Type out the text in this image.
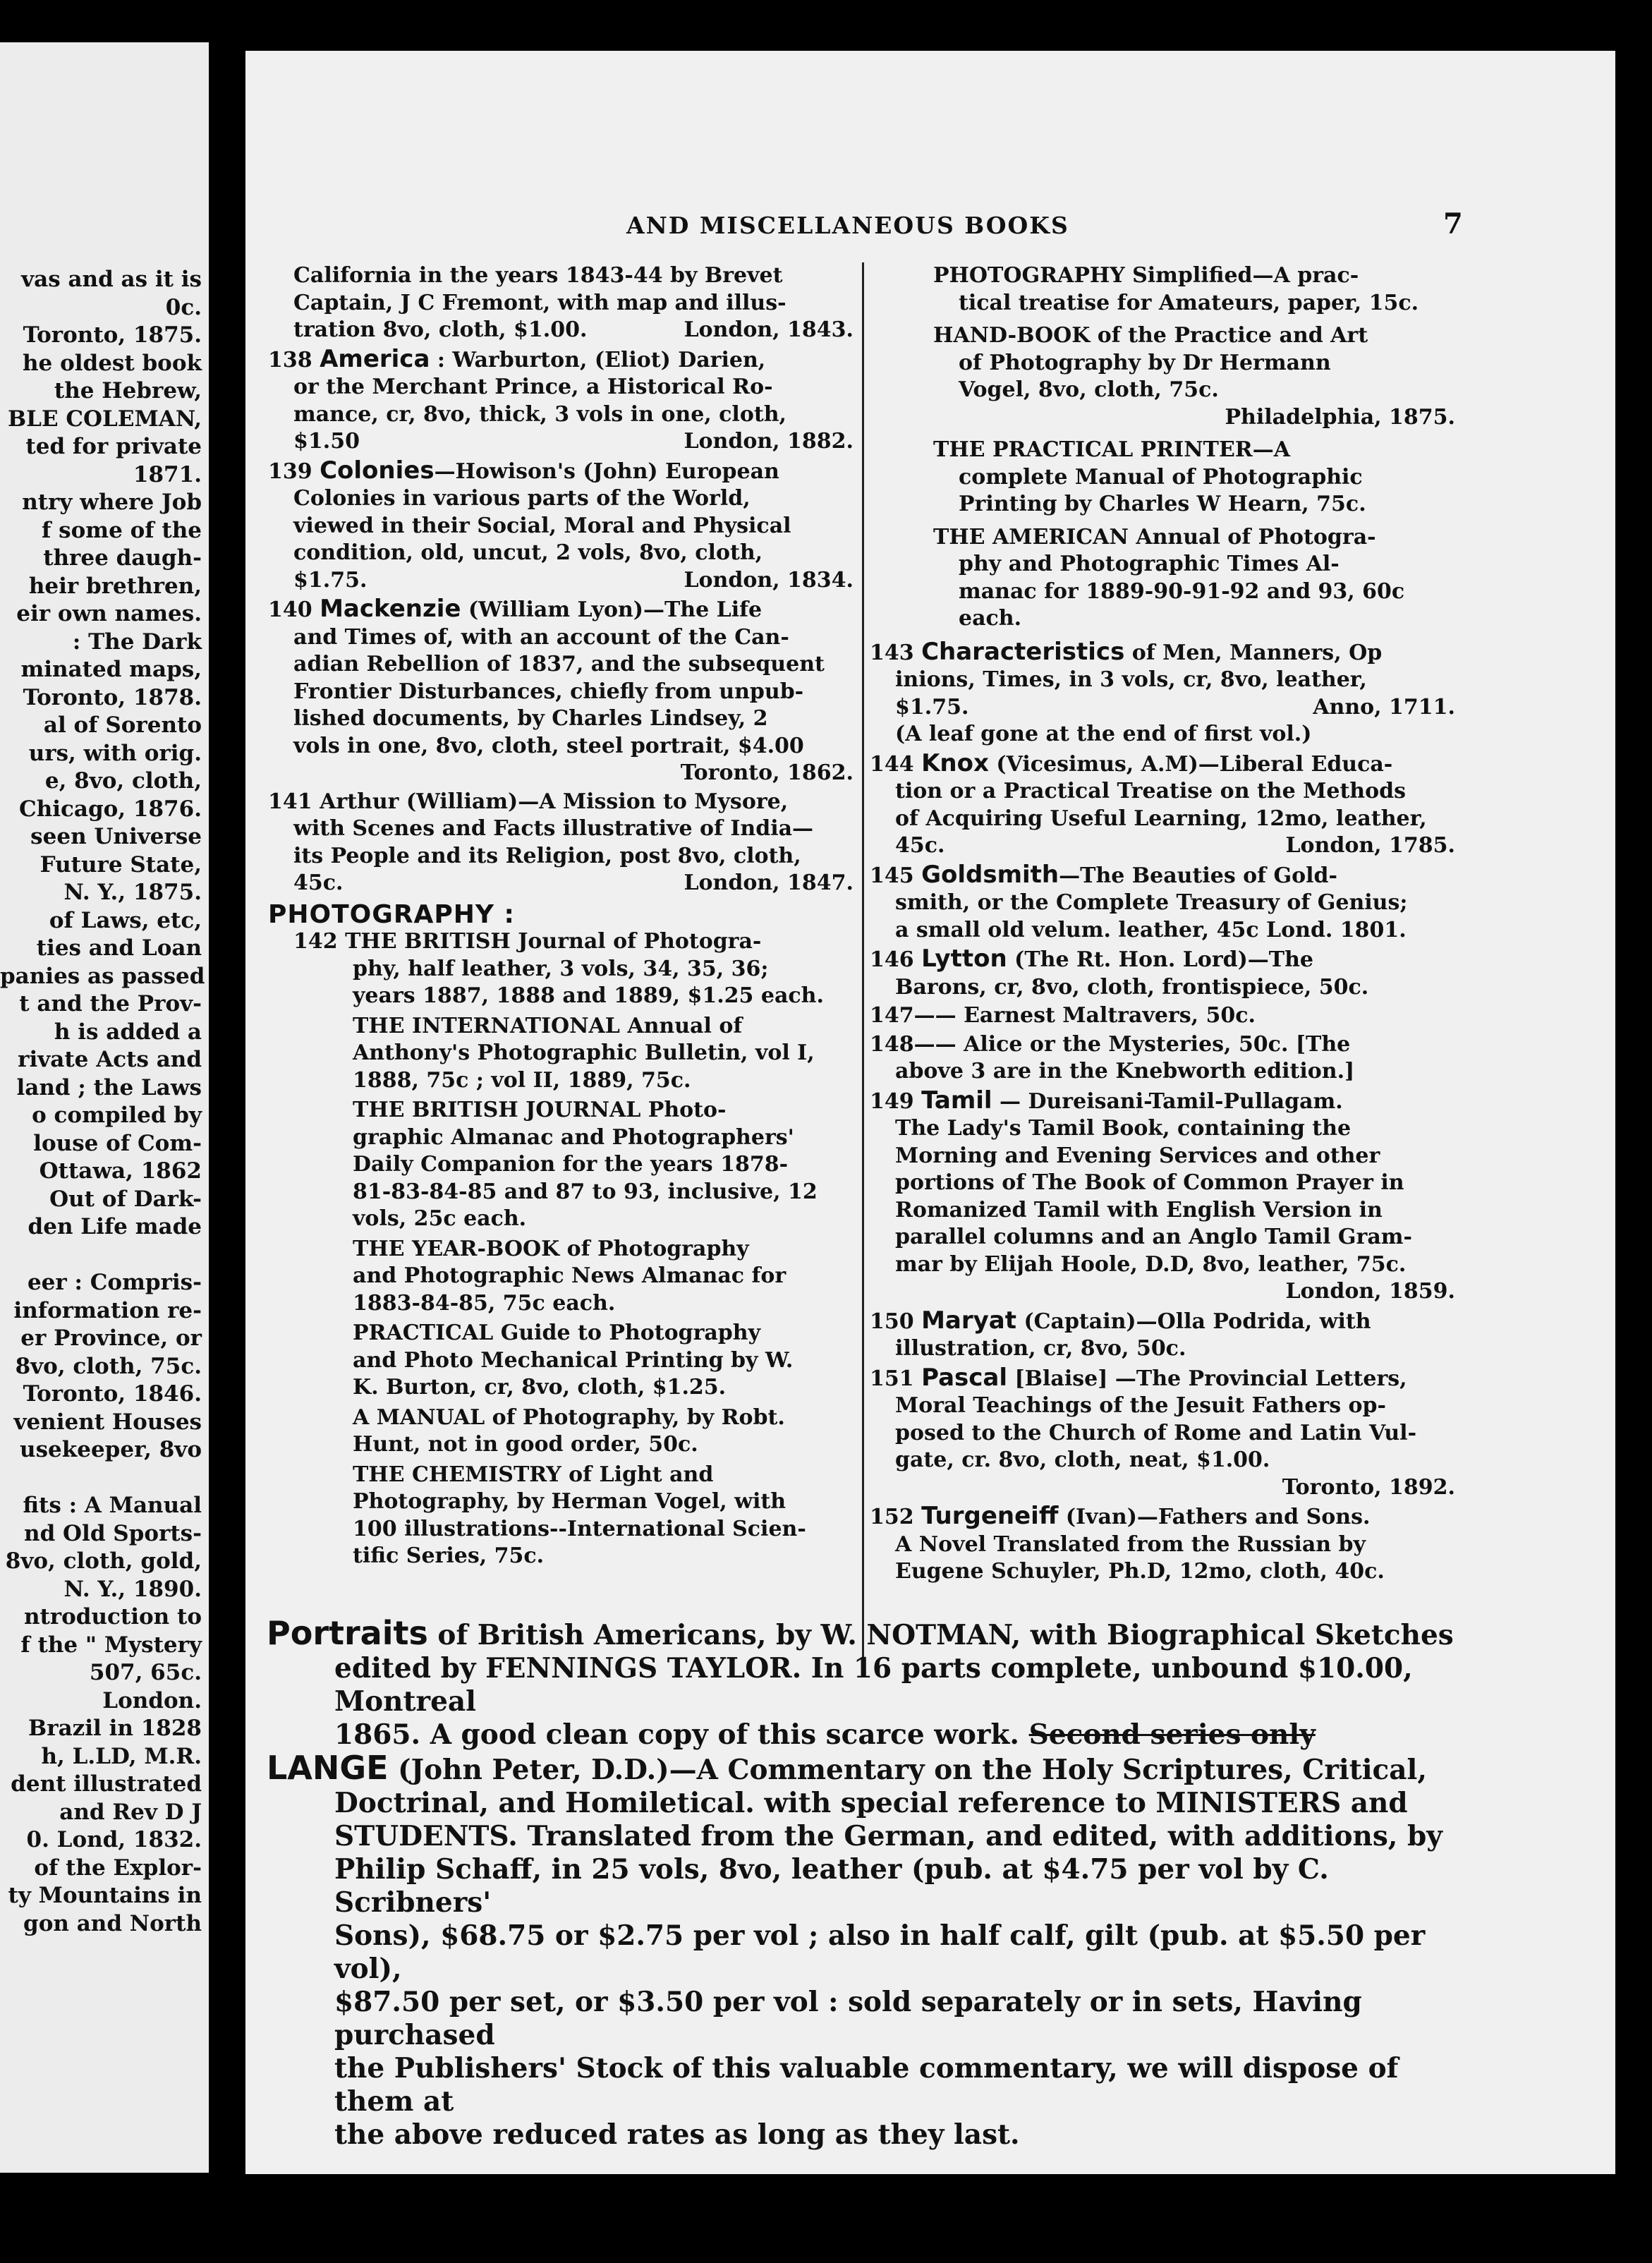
vas and as it is
0c.
Toronto, 1875.
he oldest book
the Hebrew,
BLE COLEMAN,
ted for private
1871.
ntry where Job
f some of the
three daugh-
heir brethren,
eir own names.
: The Dark
minated maps,
Toronto, 1878.
al of Sorento
urs, with orig.
e, 8vo, cloth,
Chicago, 1876.
seen Universe
Future State,
N. Y., 1875.
of Laws, etc,
ties and Loan
panies as passed
t and the Prov-
h is added a
rivate Acts and
land ; the Laws
o compiled by
louse of Com-
Ottawa, 1862
Out of Dark-
den Life made
eer : Compris-
information re-
er Province, or
8vo, cloth, 75c.
Toronto, 1846.
venient Houses
usekeeper, 8vo
fits : A Manual
nd Old Sports-
8vo, cloth, gold,
N. Y., 1890.
ntroduction to
f the " Mystery
507, 65c.
London.
Brazil in 1828
h, L.LD, M.R.
dent illustrated
and Rev D J
0. Lond, 1832.
of the Explor-
ty Mountains in
gon and North
AND MISCELLANEOUS BOOKS	7
California in the years 1843-44 by Brevet
Captain, J C Fremont, with map and illus-
tration 8vo, cloth, $1.00.	London, 1843.
138 America : Warburton, (Eliot) Darien,
or the Merchant Prince, a Historical Ro-
mance, cr, 8vo, thick, 3 vols in one, cloth,
$1.50	London, 1882.
139 Colonies—Howison's (John) European
Colonies in various parts of the World,
viewed in their Social, Moral and Physical
condition, old, uncut, 2 vols, 8vo, cloth,
$1.75.	London, 1834.
140 Mackenzie (William Lyon)—The Life
and Times of, with an account of the Can-
adian Rebellion of 1837, and the subsequent
Frontier Disturbances, chiefly from unpub-
lished documents, by Charles Lindsey, 2
vols in one, 8vo, cloth, steel portrait, $4.00
Toronto, 1862.
141 Arthur (William)—A Mission to Mysore,
with Scenes and Facts illustrative of India—
its People and its Religion, post 8vo, cloth,
45c.	London, 1847.
PHOTOGRAPHY :
142 THE BRITISH Journal of Photogra-
phy, half leather, 3 vols, 34, 35, 36;
years 1887, 1888 and 1889, $1.25 each.
THE INTERNATIONAL Annual of
Anthony's Photographic Bulletin, vol I,
1888, 75c ; vol II, 1889, 75c.
THE BRITISH JOURNAL Photo-
graphic Almanac and Photographers'
Daily Companion for the years 1878-
81-83-84-85 and 87 to 93, inclusive, 12
vols, 25c each.
THE YEAR-BOOK of Photography
and Photographic News Almanac for
1883-84-85, 75c each.
PRACTICAL Guide to Photography
and Photo Mechanical Printing by W.
K. Burton, cr, 8vo, cloth, $1.25.
A MANUAL of Photography, by Robt.
Hunt, not in good order, 50c.
THE CHEMISTRY of Light and
Photography, by Herman Vogel, with
100 illustrations--International Scien-
tific Series, 75c.
PHOTOGRAPHY Simplified—A prac-
tical treatise for Amateurs, paper, 15c.
HAND-BOOK of the Practice and Art
of Photography by Dr Hermann
Vogel, 8vo, cloth, 75c.
Philadelphia, 1875.
THE PRACTICAL PRINTER—A
complete Manual of Photographic
Printing by Charles W Hearn, 75c.
THE AMERICAN Annual of Photogra-
phy and Photographic Times Al-
manac for 1889-90-91-92 and 93, 60c
each.
143 Characteristics of Men, Manners, Op
inions, Times, in 3 vols, cr, 8vo, leather,
$1.75.	Anno, 1711.
(A leaf gone at the end of first vol.)
144 Knox (Vicesimus, A.M)—Liberal Educa-
tion or a Practical Treatise on the Methods
of Acquiring Useful Learning, 12mo, leather,
45c.	London, 1785.
145 Goldsmith—The Beauties of Gold-
smith, or the Complete Treasury of Genius;
a small old velum. leather, 45c Lond. 1801.
146 Lytton (The Rt. Hon. Lord)—The
Barons, cr, 8vo, cloth, frontispiece, 50c.
147—— Earnest Maltravers, 50c.
148—— Alice or the Mysteries, 50c. [The
above 3 are in the Knebworth edition.]
149 Tamil — Dureisani-Tamil-Pullagam.
The Lady's Tamil Book, containing the
Morning and Evening Services and other
portions of The Book of Common Prayer in
Romanized Tamil with English Version in
parallel columns and an Anglo Tamil Gram-
mar by Elijah Hoole, D.D, 8vo, leather, 75c.
London, 1859.
150 Maryat (Captain)—Olla Podrida, with
illustration, cr, 8vo, 50c.
151 Pascal [Blaise] —The Provincial Letters,
Moral Teachings of the Jesuit Fathers op-
posed to the Church of Rome and Latin Vul-
gate, cr. 8vo, cloth, neat, $1.00.
Toronto, 1892.
152 Turgeneiff (Ivan)—Fathers and Sons.
A Novel Translated from the Russian by
Eugene Schuyler, Ph.D, 12mo, cloth, 40c.
Portraits of British Americans, by W. NOTMAN, with Biographical Sketches
edited by FENNINGS TAYLOR. In 16 parts complete, unbound $10.00, Montreal
1865. A good clean copy of this scarce work. Second series only
LANGE (John Peter, D.D.)—A Commentary on the Holy Scriptures, Critical,
Doctrinal, and Homiletical. with special reference to MINISTERS and
STUDENTS. Translated from the German, and edited, with additions, by
Philip Schaff, in 25 vols, 8vo, leather (pub. at $4.75 per vol by C. Scribners'
Sons), $68.75 or $2.75 per vol ; also in half calf, gilt (pub. at $5.50 per vol),
$87.50 per set, or $3.50 per vol : sold separately or in sets, Having purchased
the Publishers' Stock of this valuable commentary, we will dispose of them at
the above reduced rates as long as they last.
